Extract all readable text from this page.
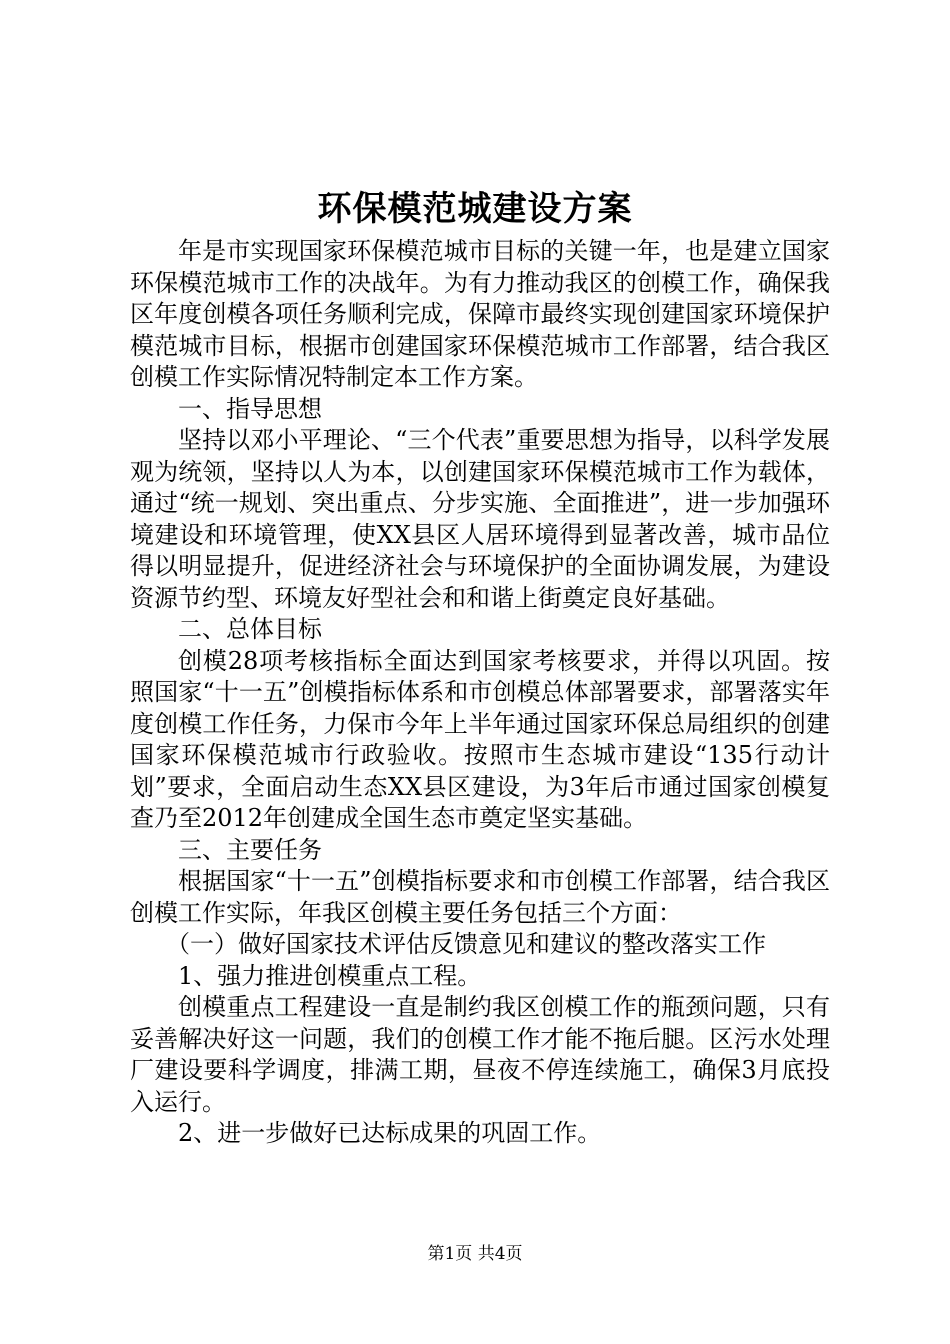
环保模范城建设方案

年是市实现国家环保模范城市目标的关键一年，也是建立国家环保模范城市工作的决战年。为有力推动我区的创模工作，确保我区年度创模各项任务顺利完成，保障市最终实现创建国家环境保护模范城市目标，根据市创建国家环保模范城市工作部署，结合我区创模工作实际情况特制定本工作方案。

一、指导思想

坚持以邓小平理论、“三个代表”重要思想为指导，以科学发展观为统领，坚持以人为本，以创建国家环保模范城市工作为载体，通过“统一规划、突出重点、分步实施、全面推进”，进一步加强环境建设和环境管理，使XX县区人居环境得到显著改善，城市品位得以明显提升，促进经济社会与环境保护的全面协调发展，为建设资源节约型、环境友好型社会和和谐上街奠定良好基础。

二、总体目标

创模28项考核指标全面达到国家考核要求，并得以巩固。按照国家“十一五”创模指标体系和市创模总体部署要求，部署落实年度创模工作任务，力保市今年上半年通过国家环保总局组织的创建国家环保模范城市行政验收。按照市生态城市建设“135行动计划”要求，全面启动生态XX县区建设，为3年后市通过国家创模复查乃至2012年创建成全国生态市奠定坚实基础。

三、主要任务

根据国家“十一五”创模指标要求和市创模工作部署，结合我区创模工作实际，年我区创模主要任务包括三个方面：

（一）做好国家技术评估反馈意见和建议的整改落实工作

1、强力推进创模重点工程。

创模重点工程建设一直是制约我区创模工作的瓶颈问题，只有妥善解决好这一问题，我们的创模工作才能不拖后腿。区污水处理厂建设要科学调度，排满工期，昼夜不停连续施工，确保3月底投入运行。

2、进一步做好已达标成果的巩固工作。

第1页 共4页
